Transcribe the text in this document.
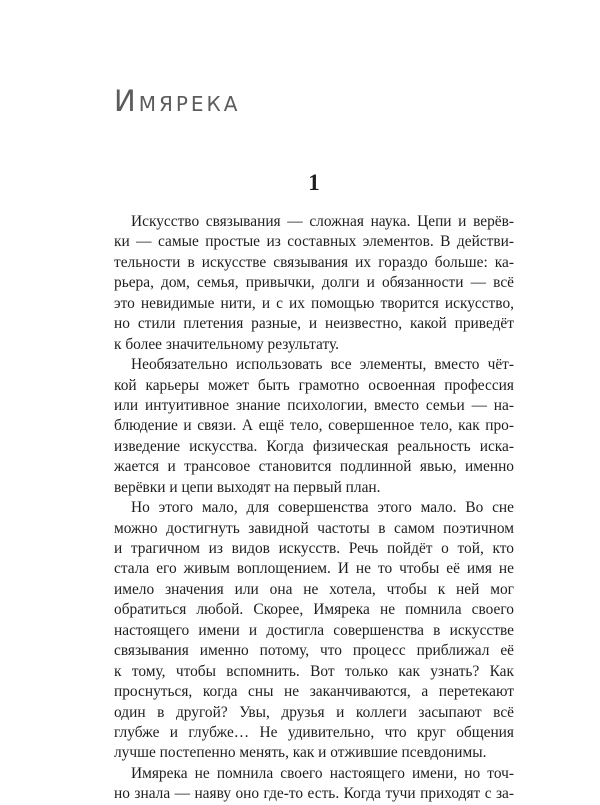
Имярека
1
Искусство связывания — сложная наука. Цепи и верёв-
ки — самые простые из составных элементов. В действи-
тельности в искусстве связывания их гораздо больше: ка-
рьера, дом, семья, привычки, долги и обязанности — всё
это невидимые нити, и с их помощью творится искусство,
но стили плетения разные, и неизвестно, какой приведёт
к более значительному результату.
Необязательно использовать все элементы, вместо чёт-
кой карьеры может быть грамотно освоенная профессия
или интуитивное знание психологии, вместо семьи — на-
блюдение и связи. А ещё тело, совершенное тело, как про-
изведение искусства. Когда физическая реальность иска-
жается и трансовое становится подлинной явью, именно
верёвки и цепи выходят на первый план.
Но этого мало, для совершенства этого мало. Во сне
можно достигнуть завидной частоты в самом поэтичном
и трагичном из видов искусств. Речь пойдёт о той, кто
стала его живым воплощением. И не то чтобы её имя не
имело значения или она не хотела, чтобы к ней мог
обратиться любой. Скорее, Имярека не помнила своего
настоящего имени и достигла совершенства в искусстве
связывания именно потому, что процесс приближал её
к тому, чтобы вспомнить. Вот только как узнать? Как
проснуться, когда сны не заканчиваются, а перетекают
один в другой? Увы, друзья и коллеги засыпают всё
глубже и глубже… Не удивительно, что круг общения
лучше постепенно менять, как и отжившие псевдонимы.
Имярека не помнила своего настоящего имени, но точ-
но знала — наяву оно где-то есть. Когда тучи приходят с за-
